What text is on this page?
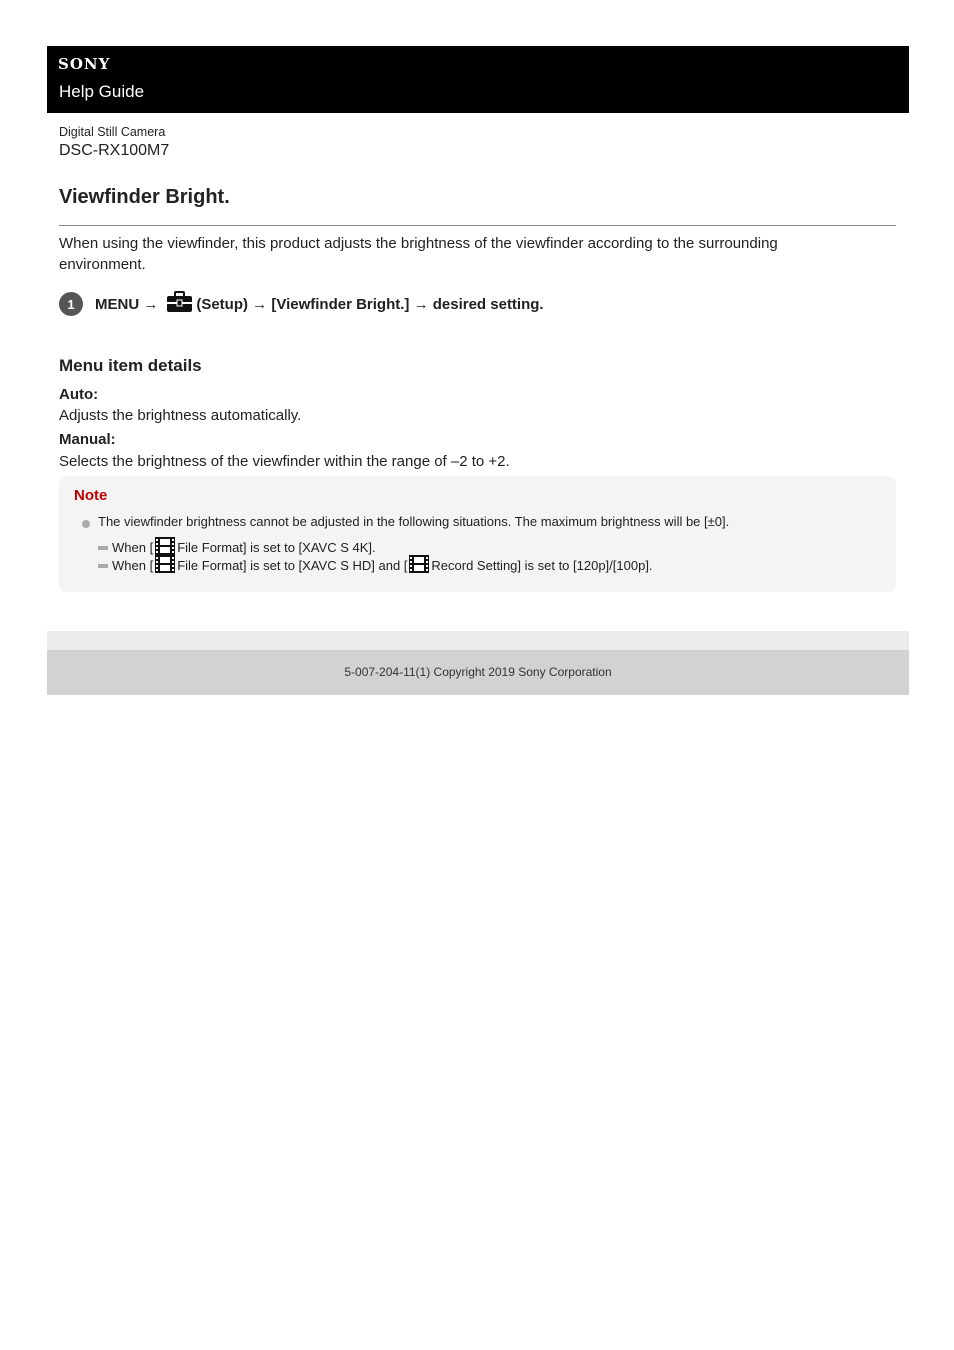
SONY
Help Guide
Digital Still Camera
DSC-RX100M7
Viewfinder Bright.
When using the viewfinder, this product adjusts the brightness of the viewfinder according to the surrounding environment.
1	MENU →	(Setup) → [Viewfinder Bright.] → desired setting.
Menu item details
Auto:
Adjusts the brightness automatically.
Manual:
Selects the brightness of the viewfinder within the range of –2 to +2.
Note
The viewfinder brightness cannot be adjusted in the following situations. The maximum brightness will be [±0].
When [ File Format] is set to [XAVC S 4K].
When [ File Format] is set to [XAVC S HD] and [ Record Setting] is set to [120p]/[100p].
5-007-204-11(1) Copyright 2019 Sony Corporation
